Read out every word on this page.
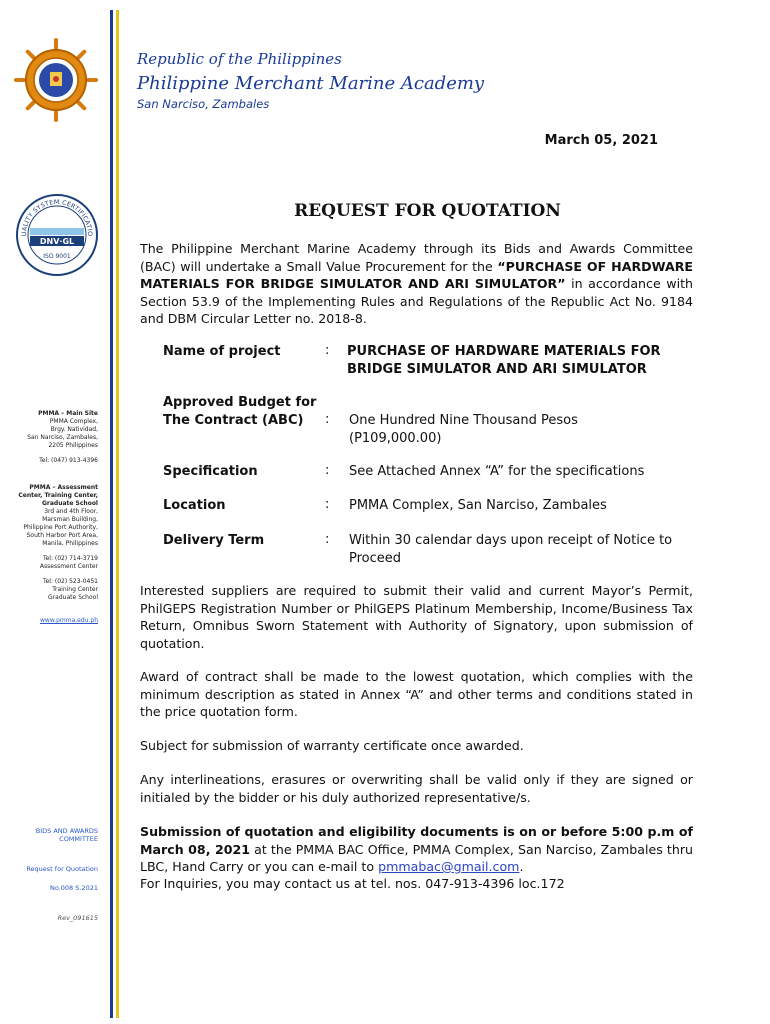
Republic of the Philippines
Philippine Merchant Marine Academy
San Narciso, Zambales
March 05, 2021
UALITY SYSTEM CERTIFICATIO
DNV·GL
ISO 9001
PMMA – Main Site
PMMA Complex,
Brgy. Natividad,
San Narciso, Zambales,
2205 Philippines
Tel: (047) 913-4396
PMMA – Assessment
Center, Training Center,
Graduate School
3rd and 4th Floor,
Marsman Building,
Philippine Port Authority,
South Harbor Port Area,
Manila, Philippines
Tel: (02) 714-3719
Assessment Center
Tel: (02) 523-0451
Training Center
Graduate School
www.pmma.edu.ph
BIDS AND AWARDS
COMMITTEE
Request for Quotation
No.008 S.2021
Rev_091615
REQUEST FOR QUOTATION
The Philippine Merchant Marine Academy through its Bids and Awards Committee (BAC) will undertake a Small Value Procurement for the “PURCHASE OF HARDWARE MATERIALS FOR BRIDGE SIMULATOR AND ARI SIMULATOR” in accordance with Section 53.9 of the Implementing Rules and Regulations of the Republic Act No. 9184 and DBM Circular Letter no. 2018-8.
Name of project	: PURCHASE OF HARDWARE MATERIALS FOR BRIDGE SIMULATOR AND ARI SIMULATOR
Approved Budget for
The Contract (ABC)	: One Hundred Nine Thousand Pesos
(P109,000.00)
Specification	: See Attached Annex “A” for the specifications
Location	: PMMA Complex, San Narciso, Zambales
Delivery Term	: Within 30 calendar days upon receipt of Notice to Proceed
Interested suppliers are required to submit their valid and current Mayor’s Permit, PhilGEPS Registration Number or PhilGEPS Platinum Membership, Income/Business Tax Return, Omnibus Sworn Statement with Authority of Signatory, upon submission of quotation.
Award of contract shall be made to the lowest quotation, which complies with the minimum description as stated in Annex “A” and other terms and conditions stated in the price quotation form.
Subject for submission of warranty certificate once awarded.
Any interlineations, erasures or overwriting shall be valid only if they are signed or initialed by the bidder or his duly authorized representative/s.
Submission of quotation and eligibility documents is on or before 5:00 p.m of March 08, 2021 at the PMMA BAC Office, PMMA Complex, San Narciso, Zambales thru LBC, Hand Carry or you can e-mail to pmmabac@gmail.com.
For Inquiries, you may contact us at tel. nos. 047-913-4396 loc.172
